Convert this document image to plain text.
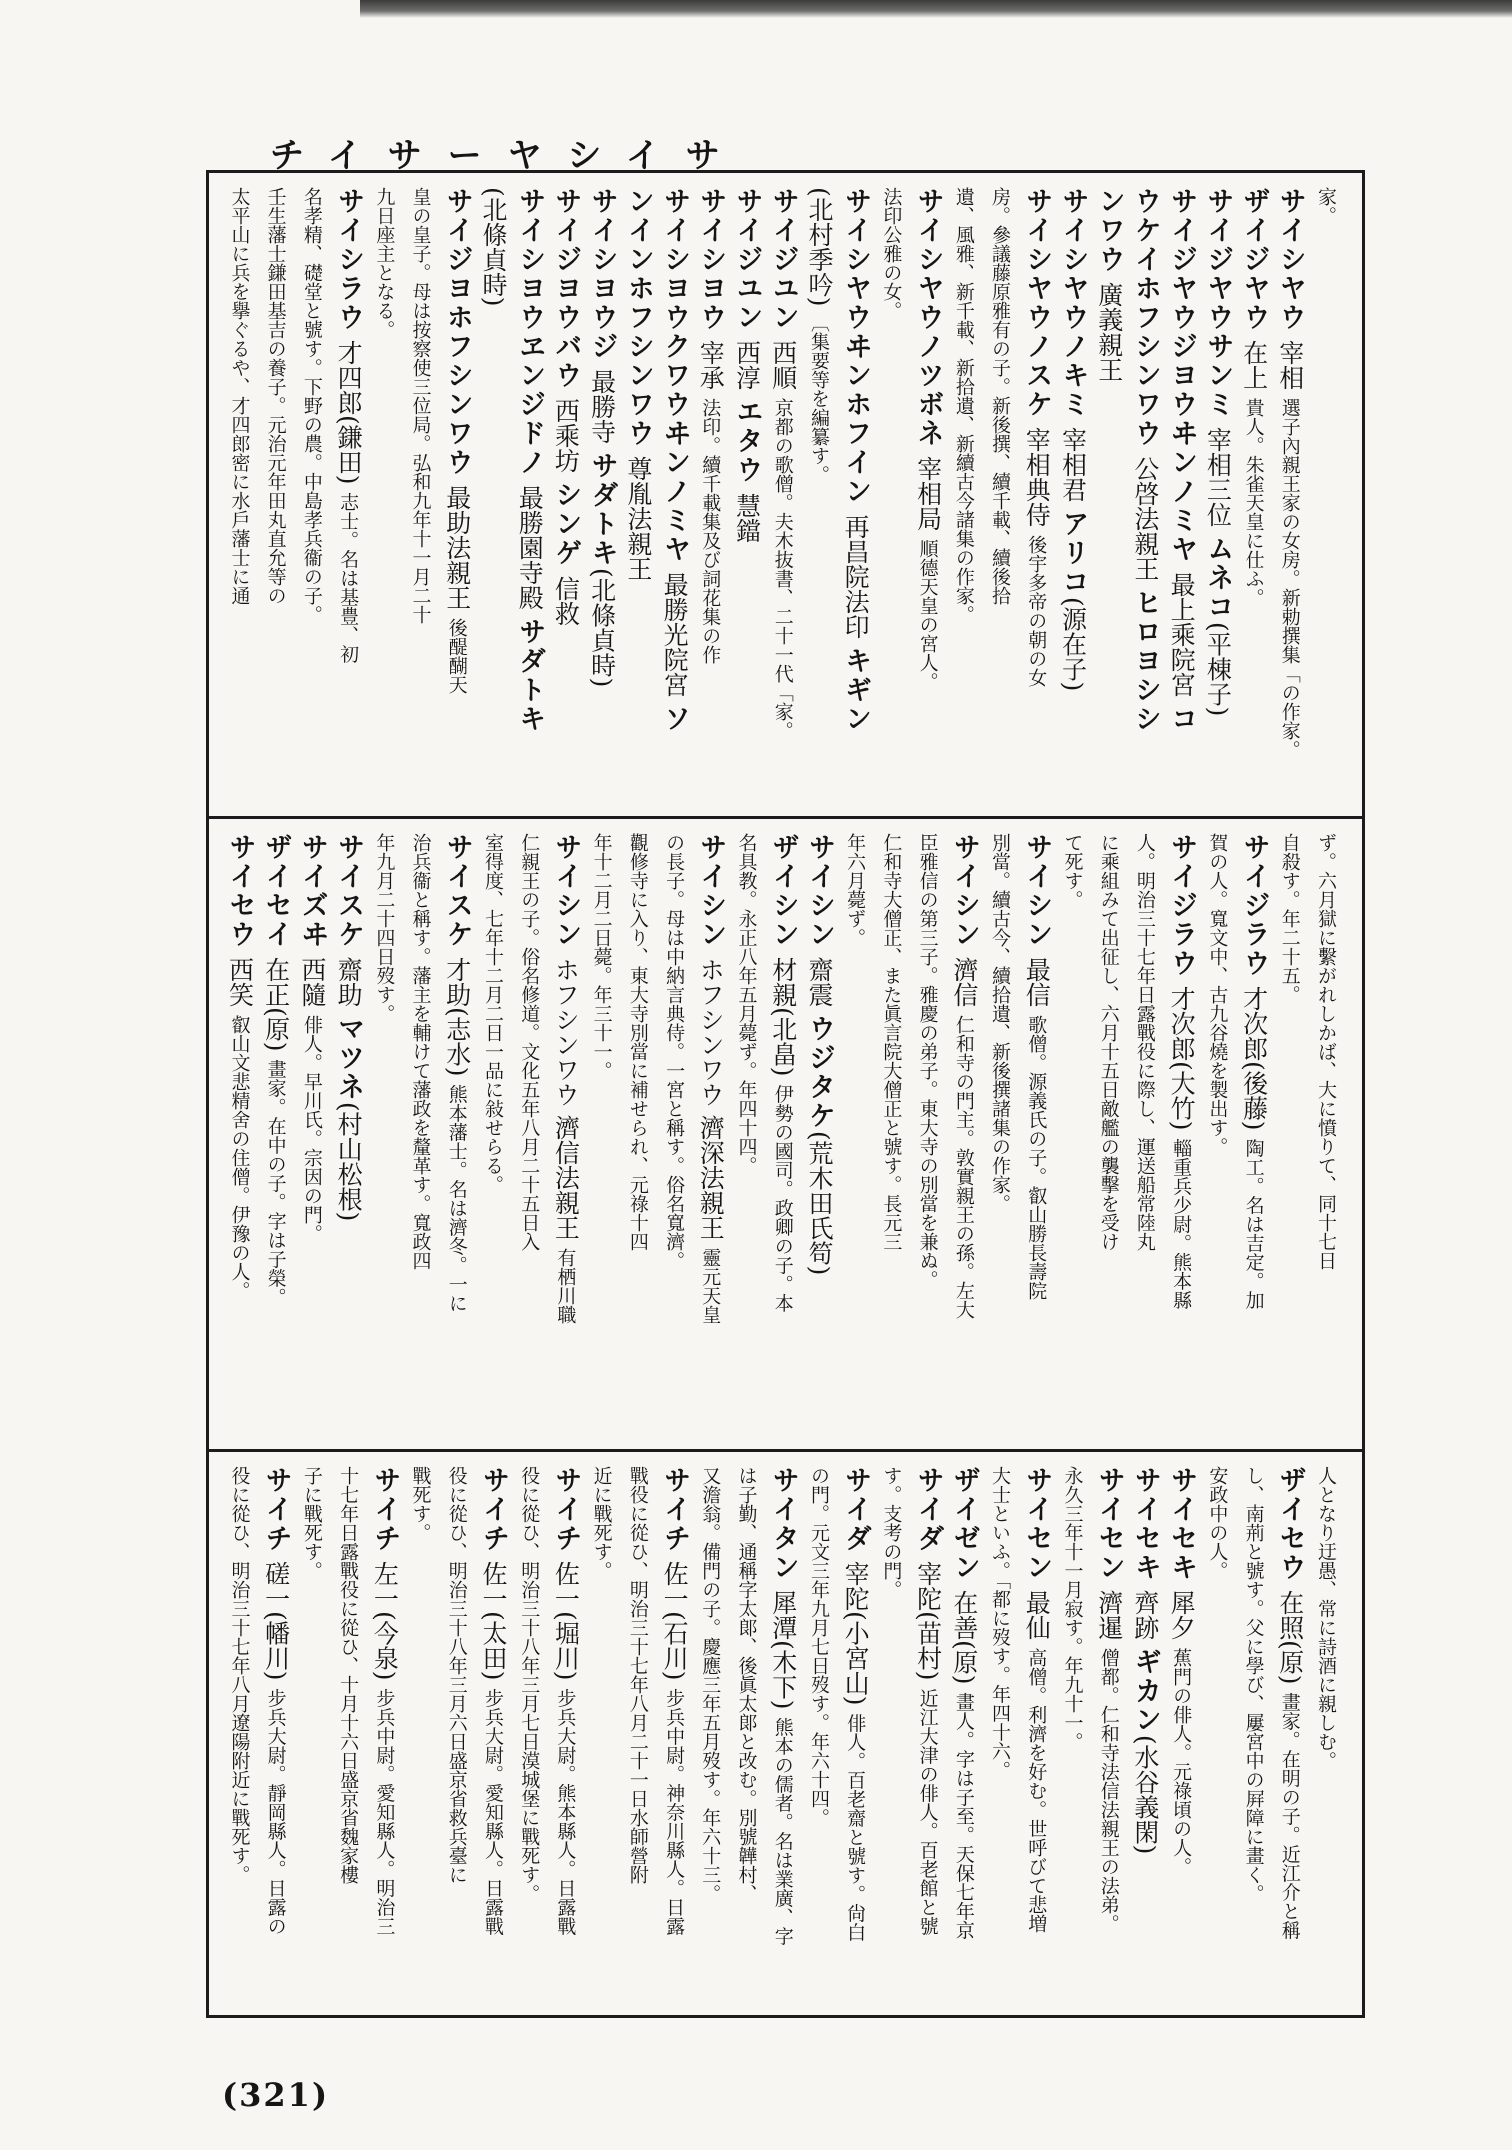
チイサーヤシイサ
家。
サイシヤウ 宰相 選子內親王家の女房。新勅撰集「の作家。
ザイジヤウ 在上 貴人。朱雀天皇に仕ふ。
サイジヤウサンミ 宰相三位 ムネコ(平棟子)
サイジヤウジヨウヰンノミヤ 最上乘院宮 コ
ウケイホフシンワウ 公啓法親王 ヒロヨシシ
ンワウ 廣義親王
サイシヤウノキミ 宰相君 アリコ(源在子)
サイシヤウノスケ 宰相典侍 後宇多帝の朝の女
房。參議藤原雅有の子。新後撰、續千載、續後拾
遺、風雅、新千載、新拾遺、新續古今諸集の作家。
サイシヤウノツボネ 宰相局 順德天皇の宮人。
法印公雅の女。
サイシヤウヰンホフイン 再昌院法印 キギン
(北村季吟) 〔集要等を編纂す。
サイジユン 西順 京都の歌僧。夫木抜書、二十一代「家。
サイジユン 西淳 エタウ 慧鐺
サイシヨウ 宰承 法印。續千載集及び詞花集の作
サイシヨウクワウヰンノミヤ 最勝光院宮 ソ
ンインホフシンワウ 尊胤法親王
サイシヨウジ 最勝寺 サダトキ(北條貞時)
サイジヨウバウ 西乘坊 シンゲ 信救
サイシヨウヱンジドノ 最勝園寺殿 サダトキ
(北條貞時)
サイジヨホフシンワウ 最助法親王 後醍醐天
皇の皇子。母は按察使三位局。弘和九年十一月二十
九日座主となる。
サイシラウ 才四郎(鎌田) 志士。名は基豊、初
名孝精、礎堂と號す。下野の農。中島孝兵衞の子。
壬生藩士鎌田基吉の養子。元治元年田丸直允等の
太平山に兵を擧ぐるや、才四郎密に水戶藩士に通
ず。六月獄に繫がれしかば、大に憤りて、同十七日
自殺す。年二十五。
サイジラウ 才次郎(後藤) 陶工。名は吉定。加
賀の人。寬文中、古九谷燒を製出す。
サイジラウ 才次郎(大竹) 輜重兵少尉。熊本縣
人。明治三十七年日露戰役に際し、運送船常陸丸
に乘組みて出征し、六月十五日敵艦の襲擊を受け
て死す。
サイシン 最信 歌僧。源義氏の子。叡山勝長壽院
別當。續古今、續拾遺、新後撰諸集の作家。
サイシン 濟信 仁和寺の門主。敦實親王の孫。左大
臣雅信の第三子。雅慶の弟子。東大寺の別當を兼ぬ。
仁和寺大僧正、また眞言院大僧正と號す。長元三
年六月薨ず。
サイシン 齋震 ウジタケ(荒木田氏笱)
ザイシン 材親(北畠) 伊勢の國司。政卿の子。本
名具教。永正八年五月薨ず。年四十四。
サイシン ホフシンワウ 濟深法親王 靈元天皇
の長子。母は中納言典侍。一宮と稱す。俗名寬濟。
觀修寺に入り、東大寺別當に補せられ、元祿十四
年十二月二日薨。年三十一。
サイシン ホフシンワウ 濟信法親王 有栖川職
仁親王の子。俗名修道。文化五年八月二十五日入
室得度、七年十二月二日一品に敍せらる。
サイスケ 才助(志水) 熊本藩士。名は濟冬。一に
治兵衞と稱す。藩主を輔けて藩政を釐革す。寬政四
年九月二十四日歿す。
サイスケ 齋助 マツネ(村山松根)
サイズヰ 西隨 俳人。早川氏。宗因の門。
ザイセイ 在正(原) 畫家。在中の子。字は子榮。
サイセウ 西笑 叡山文悲精舍の住僧。伊豫の人。
人となり迂愚、常に詩酒に親しむ。
ザイセウ 在照(原) 畫家。在明の子。近江介と稱
し、南荊と號す。父に學び、屢宮中の屛障に畫く。
安政中の人。
サイセキ 犀夕 蕉門の俳人。元祿頃の人。
サイセキ 齊跡 ギカン(水谷義閑)
サイセン 濟暹 僧都。仁和寺法信法親王の法弟。
永久三年十一月寂す。年九十一。
サイセン 最仙 高僧。利濟を好む。世呼びて悲増
大士といふ。「都に歿す。年四十六。
ザイゼン 在善(原) 畫人。字は子至。天保七年京
サイダ 宰陀(苗村) 近江大津の俳人。百老館と號
す。支考の門。
サイダ 宰陀(小宮山) 俳人。百老齋と號す。尙白
の門。元文三年九月七日歿す。年六十四。
サイタン 犀潭(木下) 熊本の儒者。名は業廣、字
は子勤、通稱字太郞、後眞太郞と改む。別號韡村、
又澹翁。備門の子。慶應三年五月歿す。年六十三。
サイチ 佐一(石川) 步兵中尉。神奈川縣人。日露
戰役に從ひ、明治三十七年八月二十一日水師營附
近に戰死す。
サイチ 佐一(堀川) 步兵大尉。熊本縣人。日露戰
役に從ひ、明治三十八年三月七日漠城堡に戰死す。
サイチ 佐一(太田) 步兵大尉。愛知縣人。日露戰
役に從ひ、明治三十八年三月六日盛京省救兵臺に
戰死す。
サイチ 左一(今泉) 步兵中尉。愛知縣人。明治三
十七年日露戰役に從ひ、十月十六日盛京省魏家樓
子に戰死す。
サイチ 磋一(幡川) 步兵大尉。靜岡縣人。日露の
役に從ひ、明治三十七年八月遼陽附近に戰死す。
(321)
